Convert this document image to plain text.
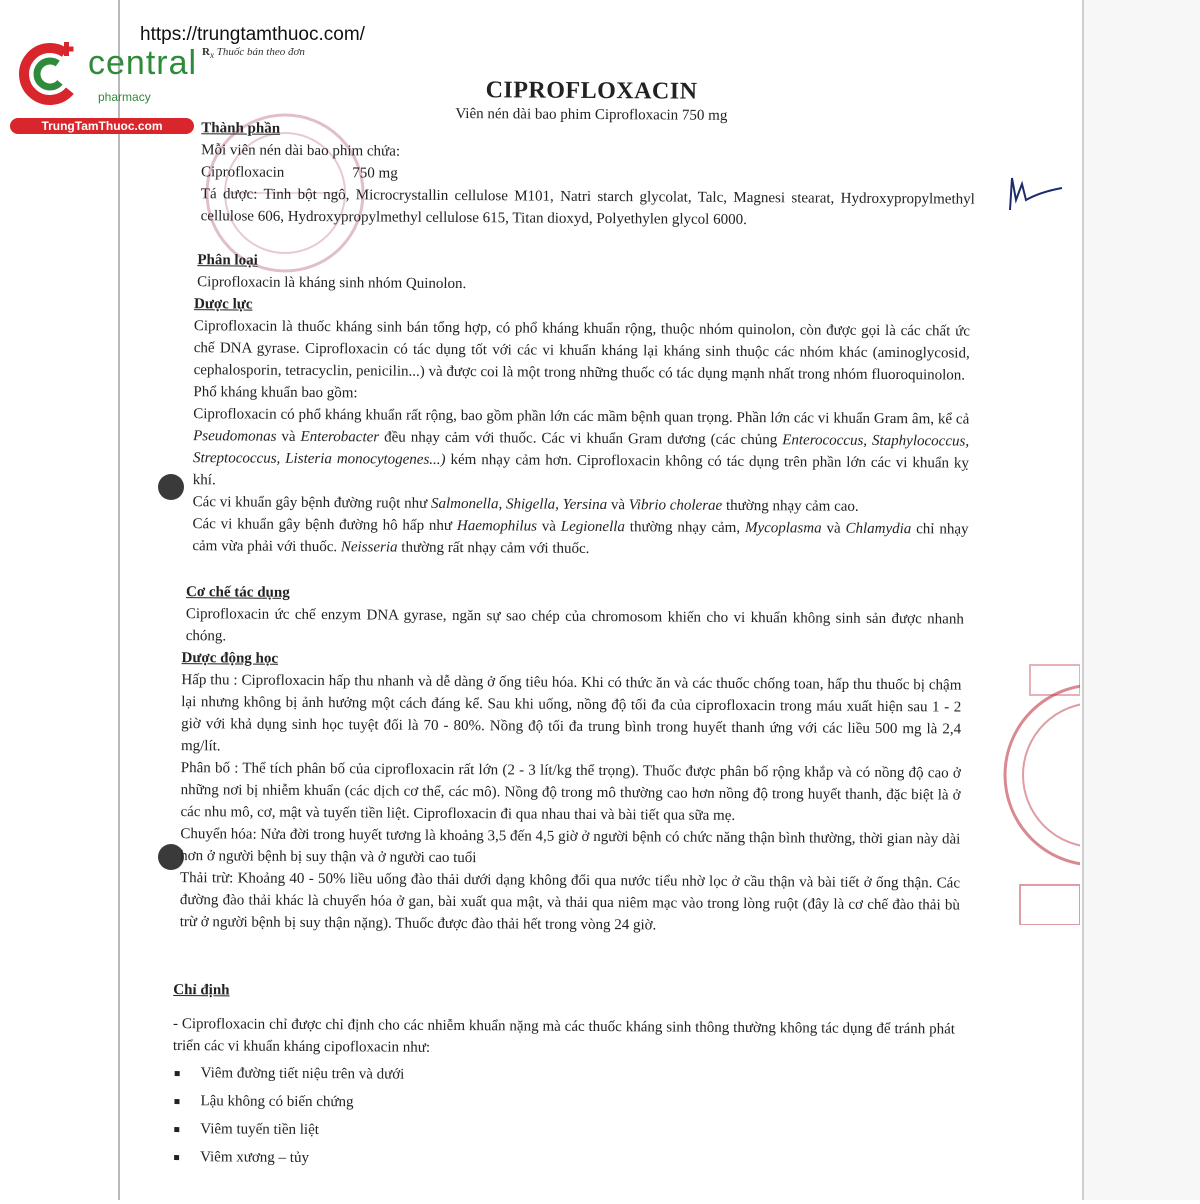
central
pharmacy
TrungTamThuoc.com
https://trungtamthuoc.com/
$R_x$ Thuốc bán theo đơn
CIPROFLOXACIN
Viên nén dài bao phim Ciprofloxacin 750 mg
Thành phần
Mỗi viên nén dài bao phim chứa:
Ciprofloxacin	750 mg
Tá dược: Tinh bột ngô, Microcrystallin cellulose M101, Natri starch glycolat, Talc, Magnesi stearat, Hydroxypropylmethyl cellulose 606, Hydroxypropylmethyl cellulose 615, Titan dioxyd, Polyethylen glycol 6000.
Phân loại
Ciprofloxacin là kháng sinh nhóm Quinolon.
Dược lực
Ciprofloxacin là thuốc kháng sinh bán tổng hợp, có phổ kháng khuẩn rộng, thuộc nhóm quinolon, còn được gọi là các chất ức chế DNA gyrase. Ciprofloxacin có tác dụng tốt với các vi khuẩn kháng lại kháng sinh thuộc các nhóm khác (aminoglycosid, cephalosporin, tetracyclin, penicilin...) và được coi là một trong những thuốc có tác dụng mạnh nhất trong nhóm fluoroquinolon.
Phổ kháng khuẩn bao gồm:
Ciprofloxacin có phổ kháng khuẩn rất rộng, bao gồm phần lớn các mầm bệnh quan trọng. Phần lớn các vi khuẩn Gram âm, kể cả Pseudomonas và Enterobacter đều nhạy cảm với thuốc. Các vi khuẩn Gram dương (các chủng Enterococcus, Staphylococcus, Streptococcus, Listeria monocytogenes...) kém nhạy cảm hơn. Ciprofloxacin không có tác dụng trên phần lớn các vi khuẩn kỵ khí.
Các vi khuẩn gây bệnh đường ruột như Salmonella, Shigella, Yersina và Vibrio cholerae thường nhạy cảm cao.
Các vi khuẩn gây bệnh đường hô hấp như Haemophilus và Legionella thường nhạy cảm, Mycoplasma và Chlamydia chỉ nhạy cảm vừa phải với thuốc. Neisseria thường rất nhạy cảm với thuốc.
Cơ chế tác dụng
Ciprofloxacin ức chế enzym DNA gyrase, ngăn sự sao chép của chromosom khiến cho vi khuẩn không sinh sản được nhanh chóng.
Dược động học
Hấp thu : Ciprofloxacin hấp thu nhanh và dễ dàng ở ống tiêu hóa. Khi có thức ăn và các thuốc chống toan, hấp thu thuốc bị chậm lại nhưng không bị ảnh hưởng một cách đáng kể. Sau khi uống, nồng độ tối đa của ciprofloxacin trong máu xuất hiện sau 1 - 2 giờ với khả dụng sinh học tuyệt đối là 70 - 80%. Nồng độ tối đa trung bình trong huyết thanh ứng với các liều 500 mg là 2,4 mg/lít.
Phân bố : Thể tích phân bố của ciprofloxacin rất lớn (2 - 3 lít/kg thể trọng). Thuốc được phân bố rộng khắp và có nồng độ cao ở những nơi bị nhiễm khuẩn (các dịch cơ thể, các mô). Nồng độ trong mô thường cao hơn nồng độ trong huyết thanh, đặc biệt là ở các nhu mô, cơ, mật và tuyến tiền liệt. Ciprofloxacin đi qua nhau thai và bài tiết qua sữa mẹ.
Chuyển hóa: Nửa đời trong huyết tương là khoảng 3,5 đến 4,5 giờ ở người bệnh có chức năng thận bình thường, thời gian này dài hơn ở người bệnh bị suy thận và ở người cao tuổi
Thải trừ: Khoảng 40 - 50% liều uống đào thải dưới dạng không đổi qua nước tiểu nhờ lọc ở cầu thận và bài tiết ở ống thận. Các đường đào thải khác là chuyển hóa ở gan, bài xuất qua mật, và thải qua niêm mạc vào trong lòng ruột (đây là cơ chế đào thải bù trừ ở người bệnh bị suy thận nặng). Thuốc được đào thải hết trong vòng 24 giờ.
Chỉ định
- Ciprofloxacin chỉ được chỉ định cho các nhiễm khuẩn nặng mà các thuốc kháng sinh thông thường không tác dụng để tránh phát triển các vi khuẩn kháng cipofloxacin như:
Viêm đường tiết niệu trên và dưới
Lậu không có biến chứng
Viêm tuyến tiền liệt
Viêm xương – tủy
